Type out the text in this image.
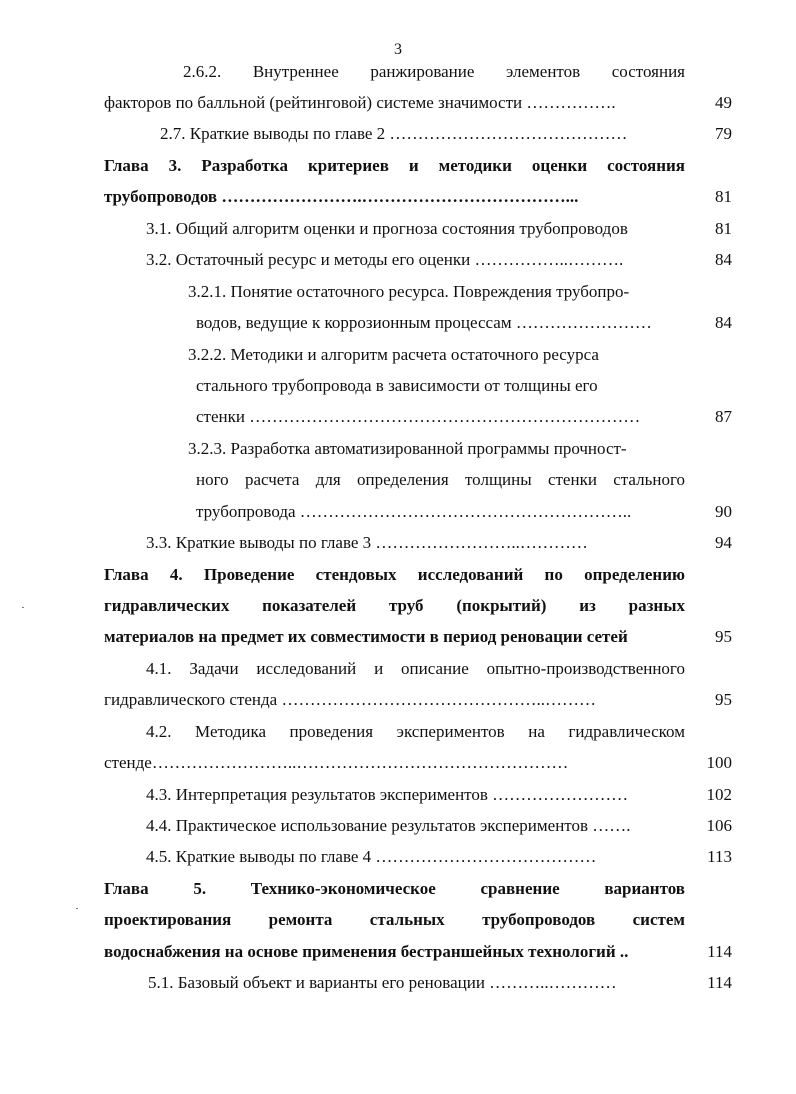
3
2.6.2. Внутреннее ранжирование элементов состояния
факторов по балльной (рейтинговой) системе значимости …………….	49
2.7. Краткие выводы по главе 2 ……………………………………	79
Глава 3. Разработка критериев и методики оценки состояния
трубопроводов …………………….………………………………...	81
3.1. Общий алгоритм оценки и прогноза состояния трубопроводов	81
3.2. Остаточный ресурс и методы его оценки ……………..……….	84
3.2.1. Понятие остаточного ресурса. Повреждения трубопро-
водов, ведущие к коррозионным процессам ……………………	84
3.2.2. Методики и алгоритм расчета остаточного ресурса
стального трубопровода в зависимости от толщины его
стенки ……………………………………………………………	87
3.2.3. Разработка автоматизированной программы прочност-
ного расчета для определения толщины стенки стального
трубопровода …………………………………………………..	90
3.3. Краткие выводы по главе 3 ……………………..…………	94
Глава 4. Проведение стендовых исследований по определению
гидравлических показателей труб (покрытий) из разных
материалов на предмет их совместимости в период реновации сетей	95
4.1. Задачи исследований и описание опытно-производственного
гидравлического стенда ………………………………………..………	95
4.2. Методика проведения экспериментов на гидравлическом
стенде……………………..…………………………………………	100
4.3. Интерпретация результатов экспериментов ……………………	102
4.4. Практическое использование результатов экспериментов …….	106
4.5. Краткие выводы по главе 4 …………………………………	113
Глава 5. Технико-экономическое сравнение вариантов
проектирования ремонта стальных трубопроводов систем
водоснабжения на основе применения бестраншейных технологий ..	114
5.1. Базовый объект и варианты его реновации ………..…………	114
